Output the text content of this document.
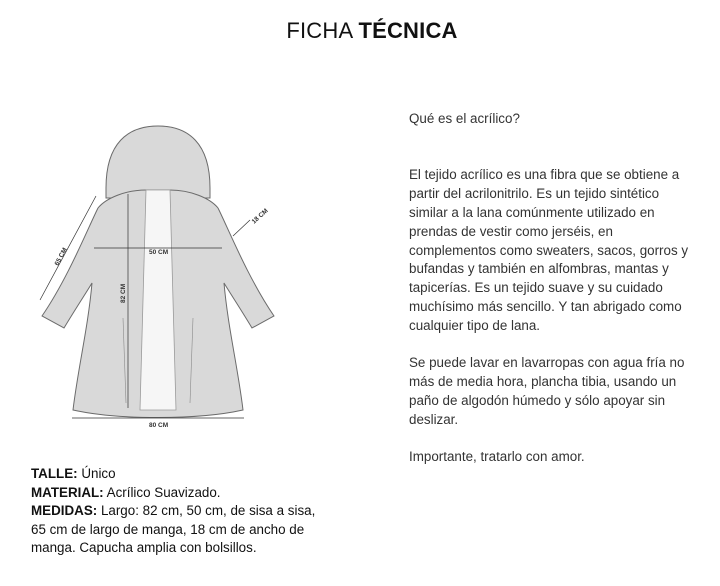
FICHA TÉCNICA
65 CM
82 CM
50 CM
18 CM
80 CM

Qué es el acrílico?

El tejido acrílico es una fibra que se obtiene a partir del acrilonitrilo. Es un tejido sintético similar a la lana comúnmente utilizado en prendas de vestir como jerséis, en complementos como sweaters, sacos, gorros y bufandas y también en alfombras, mantas y tapicerías. Es un tejido suave y su cuidado muchísimo más sencillo. Y tan abrigado como cualquier tipo de lana.

Se puede lavar en lavarropas con agua fría no más de media hora, plancha tibia, usando un paño de algodón húmedo y sólo apoyar sin deslizar.

Importante, tratarlo con amor.

TALLE: Único
MATERIAL: Acrílico Suavizado.
MEDIDAS: Largo: 82 cm, 50 cm, de sisa a sisa, 65 cm de largo de manga, 18 cm de ancho de manga. Capucha amplia con bolsillos.
